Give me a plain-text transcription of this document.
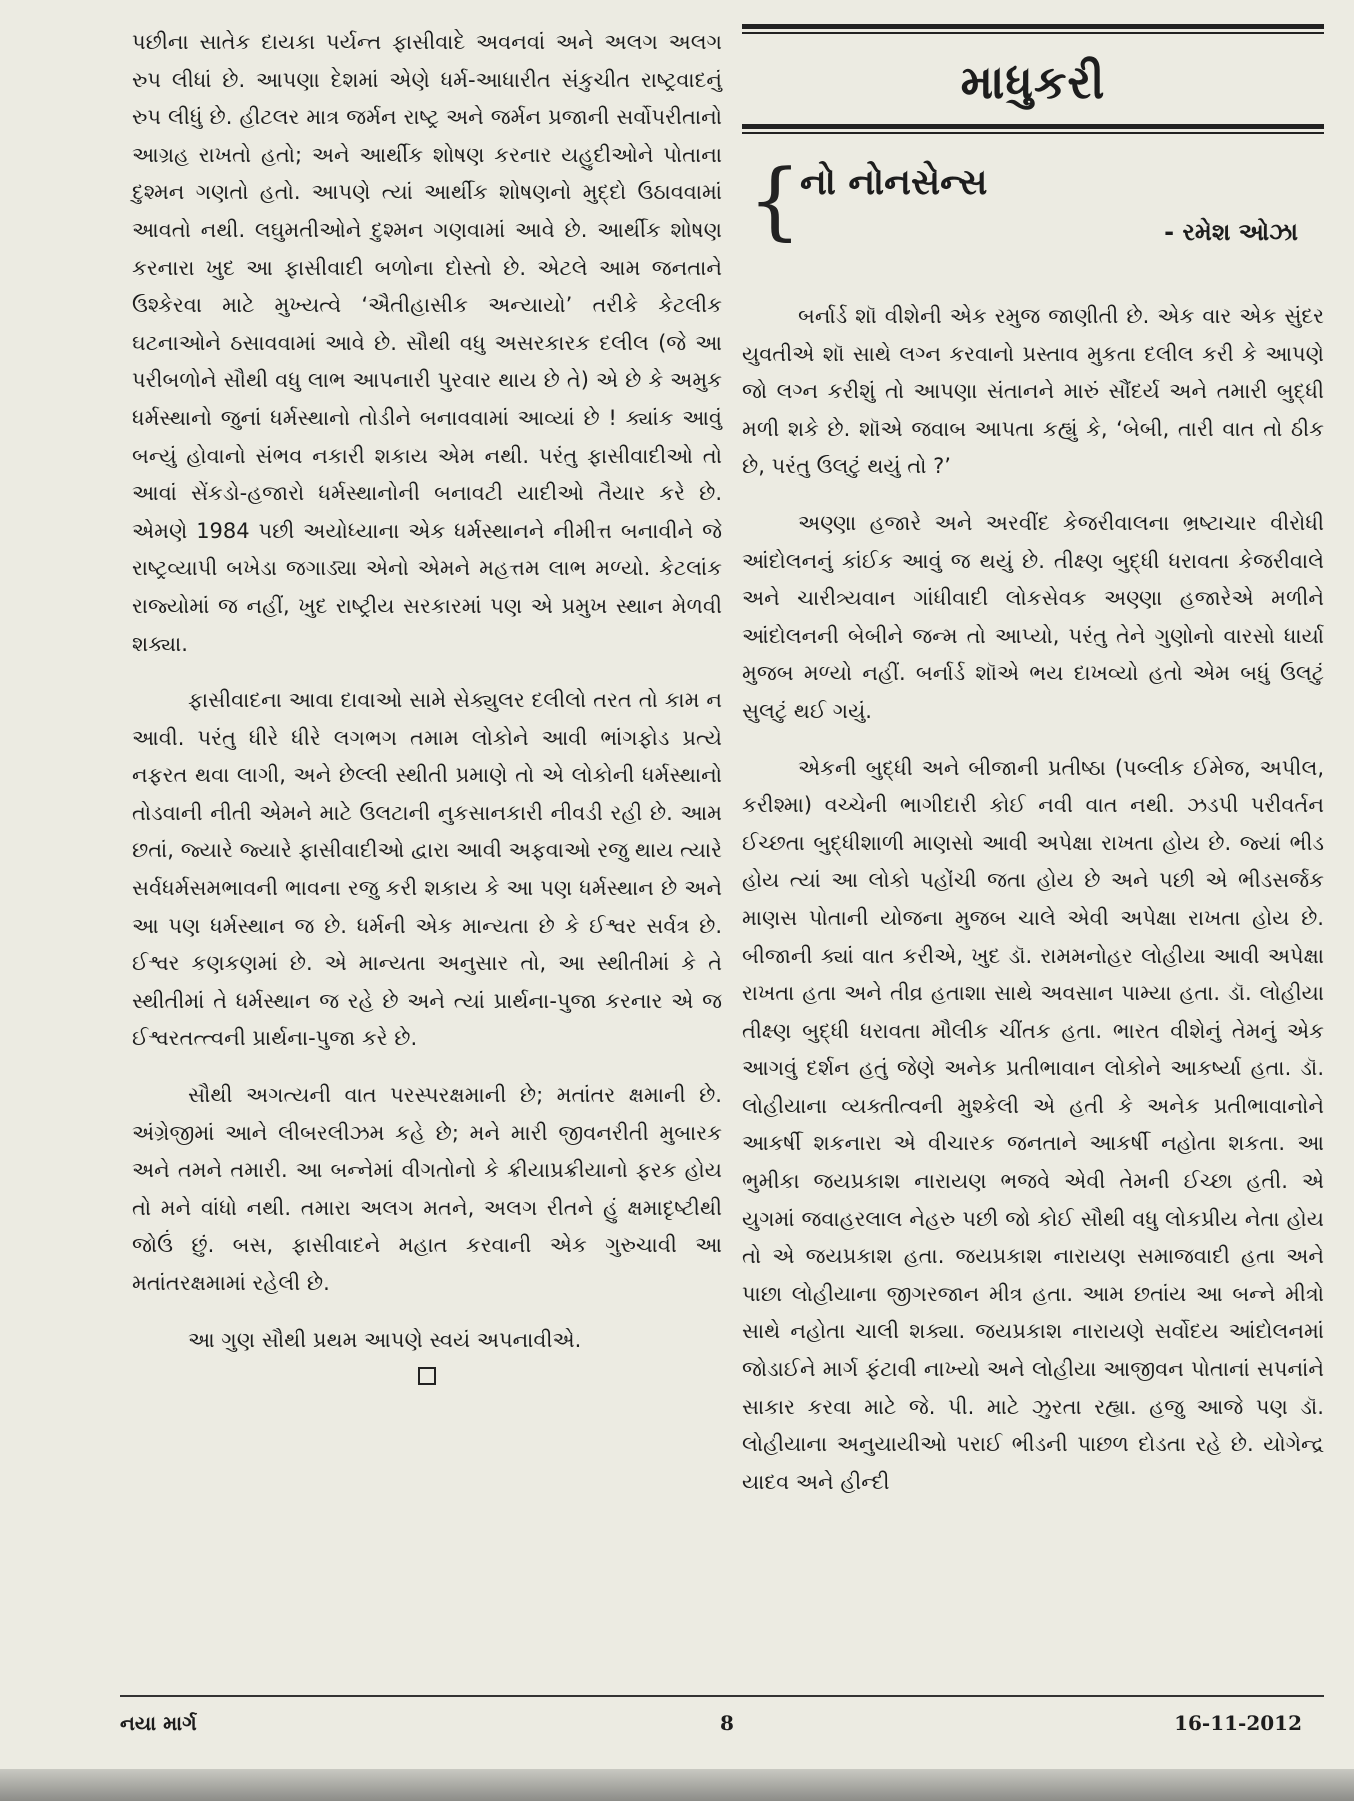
પછીના સાતેક દાયકા પર્યન્ત ફાસીવાદે અવનવાં અને અલગ અલગ રુપ લીધાં છે. આપણા દેશમાં એણે ધર્મ-આધારીત સંકુચીત રાષ્ટ્રવાદનું રુપ લીધું છે. હીટલર માત્ર જર્મન રાષ્ટ્ર અને જર્મન પ્રજાની સર્વોપરીતાનો આગ્રહ રાખતો હતો; અને આર્થીક શોષણ કરનાર યહુદીઓને પોતાના દુશ્મન ગણતો હતો. આપણે ત્યાં આર્થીક શોષણનો મુદ્દો ઉઠાવવામાં આવતો નથી. લઘુમતીઓને દુશ્મન ગણવામાં આવે છે. આર્થીક શોષણ કરનારા ખુદ આ ફાસીવાદી બળોના દોસ્તો છે. એટલે આમ જનતાને ઉશ્કેરવા માટે મુખ્યત્વે ‘ઐતીહાસીક અન્યાયો’ તરીકે કેટલીક ઘટનાઓને ઠસાવવામાં આવે છે. સૌથી વધુ અસરકારક દલીલ (જે આ પરીબળોને સૌથી વધુ લાભ આપનારી પુરવાર થાય છે તે) એ છે કે અમુક ધર્મસ્થાનો જુનાં ધર્મસ્થાનો તોડીને બનાવવામાં આવ્યાં છે ! ક્યાંક આવું બન્યું હોવાનો સંભવ નકારી શકાય એમ નથી. પરંતુ ફાસીવાદીઓ તો આવાં સેંકડો-હજારો ધર્મસ્થાનોની બનાવટી યાદીઓ તૈયાર કરે છે. એમણે 1984 પછી અયોધ્યાના એક ધર્મસ્થાનને નીમીત્ત બનાવીને જે રાષ્ટ્રવ્યાપી બખેડા જગાડ્યા એનો એમને મહત્તમ લાભ મળ્યો. કેટલાંક રાજ્યોમાં જ નહીં, ખુદ રાષ્ટ્રીય સરકારમાં પણ એ પ્રમુખ સ્થાન મેળવી શક્યા.

ફાસીવાદના આવા દાવાઓ સામે સેક્યુલર દલીલો તરત તો કામ ન આવી. પરંતુ ધીરે ધીરે લગભગ તમામ લોકોને આવી ભાંગફોડ પ્રત્યે નફરત થવા લાગી, અને છેલ્લી સ્થીતી પ્રમાણે તો એ લોકોની ધર્મસ્થાનો તોડવાની નીતી એમને માટે ઉલટાની નુકસાનકારી નીવડી રહી છે. આમ છતાં, જ્યારે જ્યારે ફાસીવાદીઓ દ્વારા આવી અફવાઓ રજુ થાય ત્યારે સર્વધર્મસમભાવની ભાવના રજુ કરી શકાય કે આ પણ ધર્મસ્થાન છે અને આ પણ ધર્મસ્થાન જ છે. ધર્મની એક માન્યતા છે કે ઈશ્વર સર્વત્ર છે. ઈશ્વર કણકણમાં છે. એ માન્યતા અનુસાર તો, આ સ્થીતીમાં કે તે સ્થીતીમાં તે ધર્મસ્થાન જ રહે છે અને ત્યાં પ્રાર્થના-પુજા કરનાર એ જ ઈશ્વરતત્ત્વની પ્રાર્થના-પુજા કરે છે.

સૌથી અગત્યની વાત પરસ્પરક્ષમાની છે; મતાંતર ક્ષમાની છે. અંગ્રેજીમાં આને લીબરલીઝમ કહે છે; મને મારી જીવનરીતી મુબારક અને તમને તમારી. આ બન્નેમાં વીગતોનો કે ક્રીયાપ્રક્રીયાનો ફરક હોય તો મને વાંધો નથી. તમારા અલગ મતને, અલગ રીતને હું ક્ષમાદૃષ્ટીથી જોઉં છું. બસ, ફાસીવાદને મહાત કરવાની એક ગુરુચાવી આ મતાંતરક્ષમામાં રહેલી છે.

આ ગુણ સૌથી પ્રથમ આપણે સ્વયં અપનાવીએ.

માધુકરી
{
નો નોનસેન્સ
- રમેશ ઓઝા

બર્નાર્ડ શૉ વીશેની એક રમુજ જાણીતી છે. એક વાર એક સુંદર યુવતીએ શૉ સાથે લગ્ન કરવાનો પ્રસ્તાવ મુકતા દલીલ કરી કે આપણે જો લગ્ન કરીશું તો આપણા સંતાનને મારું સૌંદર્ય અને તમારી બુદ્ધી મળી શકે છે. શૉએ જવાબ આપતા કહ્યું કે, ‘બેબી, તારી વાત તો ઠીક છે, પરંતુ ઉલટું થયું તો ?’

અણ્ણા હજારે અને અરવીંદ કેજરીવાલના ભ્રષ્ટાચાર વીરોધી આંદોલનનું કાંઈક આવું જ થયું છે. તીક્ષ્ણ બુદ્ધી ધરાવતા કેજરીવાલે અને ચારીત્ર્યવાન ગાંધીવાદી લોકસેવક અણ્ણા હજારેએ મળીને આંદોલનની બેબીને જન્મ તો આપ્યો, પરંતુ તેને ગુણોનો વારસો ધાર્યા મુજબ મળ્યો નહીં. બર્નાર્ડ શૉએ ભય દાખવ્યો હતો એમ બધું ઉલટું સુલટું થઈ ગયું.

એકની બુદ્ધી અને બીજાની પ્રતીષ્ઠા (પબ્લીક ઈમેજ, અપીલ, કરીશ્મા) વચ્ચેની ભાગીદારી કોઈ નવી વાત નથી. ઝડપી પરીવર્તન ઈચ્છતા બુદ્ધીશાળી માણસો આવી અપેક્ષા રાખતા હોય છે. જ્યાં ભીડ હોય ત્યાં આ લોકો પહોંચી જતા હોય છે અને પછી એ ભીડસર્જક માણસ પોતાની યોજના મુજબ ચાલે એવી અપેક્ષા રાખતા હોય છે. બીજાની ક્યાં વાત કરીએ, ખુદ ડૉ. રામમનોહર લોહીયા આવી અપેક્ષા રાખતા હતા અને તીવ્ર હતાશા સાથે અવસાન પામ્યા હતા. ડૉ. લોહીયા તીક્ષ્ણ બુદ્ધી ધરાવતા મૌલીક ચીંતક હતા. ભારત વીશેનું તેમનું એક આગવું દર્શન હતું જેણે અનેક પ્રતીભાવાન લોકોને આકર્ષ્યા હતા. ડૉ. લોહીયાના વ્યક્તીત્વની મુશ્કેલી એ હતી કે અનેક પ્રતીભાવાનોને આકર્ષી શકનારા એ વીચારક જનતાને આકર્ષી નહોતા શકતા. આ ભુમીકા જયપ્રકાશ નારાયણ ભજવે એવી તેમની ઈચ્છા હતી. એ યુગમાં જવાહરલાલ નેહરુ પછી જો કોઈ સૌથી વધુ લોકપ્રીય નેતા હોય તો એ જયપ્રકાશ હતા. જયપ્રકાશ નારાયણ સમાજવાદી હતા અને પાછા લોહીયાના જીગરજાન મીત્ર હતા. આમ છતાંય આ બન્ને મીત્રો સાથે નહોતા ચાલી શક્યા. જયપ્રકાશ નારાયણે સર્વોદય આંદોલનમાં જોડાઈને માર્ગ ફંટાવી નાખ્યો અને લોહીયા આજીવન પોતાનાં સપનાંને સાકાર કરવા માટે જે. પી. માટે ઝુરતા રહ્યા. હજુ આજે પણ ડૉ. લોહીયાના અનુયાયીઓ પરાઈ ભીડની પાછળ દોડતા રહે છે. યોગેન્દ્ર યાદવ અને હીન્દી

નયા માર્ગ	8	16-11-2012
